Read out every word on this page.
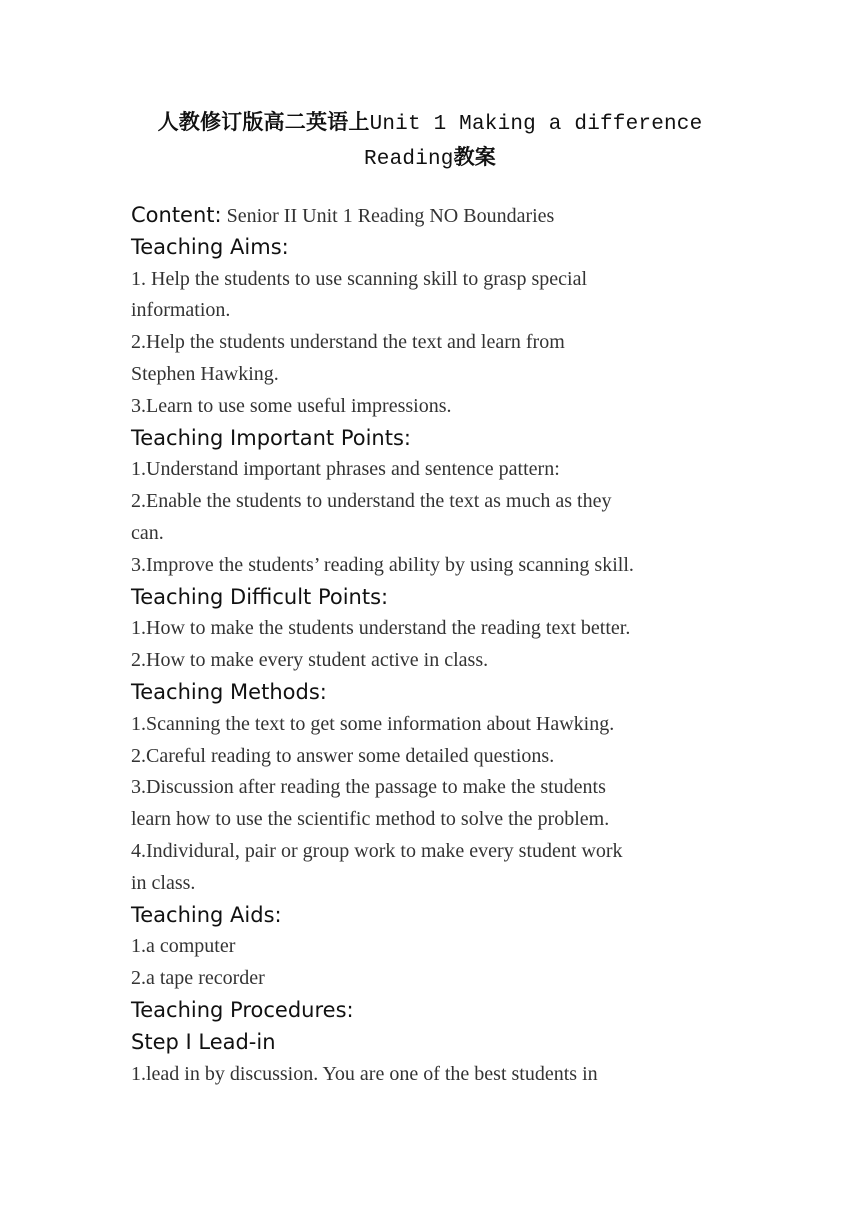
人教修订版高二英语上Unit 1 Making a difference

Reading教案

Content: Senior II Unit 1 Reading NO Boundaries

Teaching Aims:

1. Help the students to use scanning skill to grasp special

information.

2.Help the students understand the text and learn from

Stephen Hawking.

3.Learn to use some useful impressions.

Teaching Important Points:

1.Understand important phrases and sentence pattern:

2.Enable the students to understand the text as much as they

can.

3.Improve the students’ reading ability by using scanning skill.

Teaching Difficult Points:

1.How to make the students understand the reading text better.

2.How to make every student active in class.

Teaching Methods:

1.Scanning the text to get some information about Hawking.

2.Careful reading to answer some detailed questions.

3.Discussion after reading the passage to make the students

learn how to use the scientific method to solve the problem.

4.Individural, pair or group work to make every student work

in class.

Teaching Aids:

1.a computer

2.a tape recorder

Teaching Procedures:

Step I Lead-in

1.lead in by discussion. You are one of the best students in
